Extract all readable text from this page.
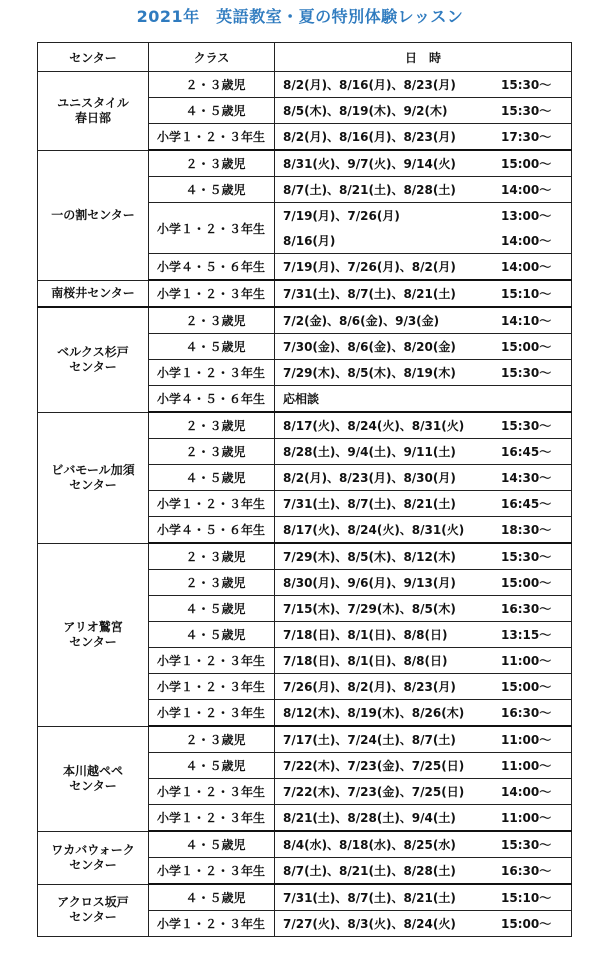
2021年　英語教室・夏の特別体験レッスン
センター	クラス	日　時
ユニスタイル
春日部	２・３歳児	8/2(月)、8/16(月)、8/23(月) 15:30～
	４・５歳児	8/5(木)、8/19(木)、9/2(木) 15:30～
	小学１・２・３年生	8/2(月)、8/16(月)、8/23(月) 17:30～
一の割センター	２・３歳児	8/31(火)、9/7(火)、9/14(火) 15:00～
	４・５歳児	8/7(土)、8/21(土)、8/28(土) 14:00～
	小学１・２・３年生	7/19(月)、7/26(月) 13:00～
		8/16(月) 14:00～
	小学４・５・６年生	7/19(月)、7/26(月)、8/2(月) 14:00～
南桜井センター	小学１・２・３年生	7/31(土)、8/7(土)、8/21(土) 15:10～
ベルクス杉戸
センター	２・３歳児	7/2(金)、8/6(金)、9/3(金) 14:10～
	４・５歳児	7/30(金)、8/6(金)、8/20(金) 15:00～
	小学１・２・３年生	7/29(木)、8/5(木)、8/19(木) 15:30～
	小学４・５・６年生	応相談
ビバモール加須
センター	２・３歳児	8/17(火)、8/24(火)、8/31(火) 15:30～
	２・３歳児	8/28(土)、9/4(土)、9/11(土) 16:45～
	４・５歳児	8/2(月)、8/23(月)、8/30(月) 14:30～
	小学１・２・３年生	7/31(土)、8/7(土)、8/21(土) 16:45～
	小学４・５・６年生	8/17(火)、8/24(火)、8/31(火) 18:30～
アリオ鷲宮
センター	２・３歳児	7/29(木)、8/5(木)、8/12(木) 15:30～
	２・３歳児	8/30(月)、9/6(月)、9/13(月) 15:00～
	４・５歳児	7/15(木)、7/29(木)、8/5(木) 16:30～
	４・５歳児	7/18(日)、8/1(日)、8/8(日) 13:15～
	小学１・２・３年生	7/18(日)、8/1(日)、8/8(日) 11:00～
	小学１・２・３年生	7/26(月)、8/2(月)、8/23(月) 15:00～
	小学１・２・３年生	8/12(木)、8/19(木)、8/26(木) 16:30～
本川越ペペ
センター	２・３歳児	7/17(土)、7/24(土)、8/7(土) 11:00～
	４・５歳児	7/22(木)、7/23(金)、7/25(日) 11:00～
	小学１・２・３年生	7/22(木)、7/23(金)、7/25(日) 14:00～
	小学１・２・３年生	8/21(土)、8/28(土)、9/4(土) 11:00～
ワカバウォーク
センター	４・５歳児	8/4(水)、8/18(水)、8/25(水) 15:30～
	小学１・２・３年生	8/7(土)、8/21(土)、8/28(土) 16:30～
アクロス坂戸
センター	４・５歳児	7/31(土)、8/7(土)、8/21(土) 15:10～
	小学１・２・３年生	7/27(火)、8/3(火)、8/24(火) 15:00～
